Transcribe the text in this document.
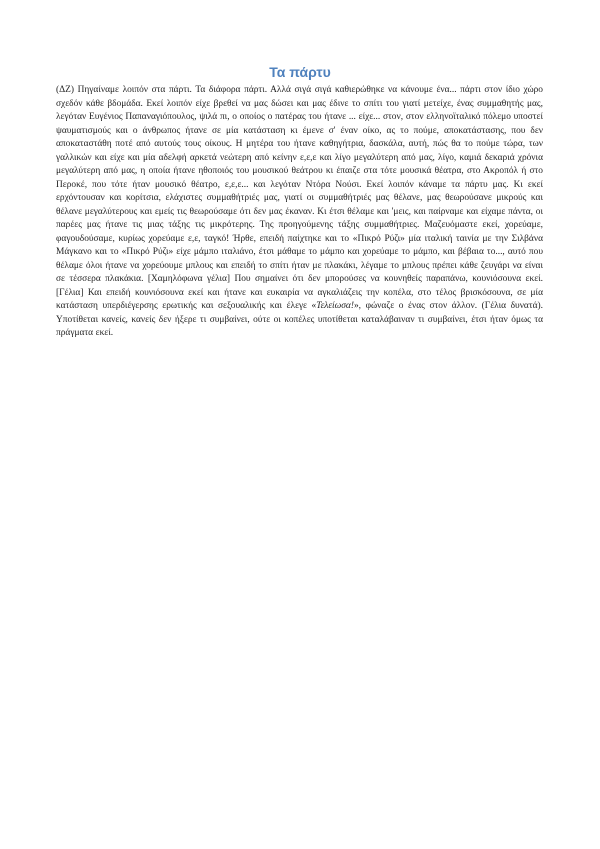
Τα πάρτυ

(ΔΖ) Πηγαίναμε λοιπόν στα πάρτι. Τα διάφορα πάρτι. Αλλά σιγά σιγά καθιερώθηκε να κάνουμε ένα... πάρτι στον ίδιο χώρο σχεδόν κάθε βδομάδα. Εκεί λοιπόν είχε βρεθεί να μας δώσει και μας έδινε το σπίτι του γιατί μετείχε, ένας συμμαθητής μας, λεγόταν Ευγένιος Παπαναγιόπουλος, ψιλά πι, ο οποίος ο πατέρας του ήτανε ... είχε... στον, στον ελληνοϊταλικό πόλεμο υποστεί ψαυματισμούς και ο άνθρωπος ήτανε σε μία κατάσταση κι έμενε σ' έναν οίκο, ας το πούμε, αποκατάστασης, που δεν αποκαταστάθη ποτέ από αυτούς τους οίκους. Η μητέρα του ήτανε καθηγήτρια, δασκάλα, αυτή, πώς θα το πούμε τώρα, των γαλλικών και είχε και μία αδελφή αρκετά νεώτερη από κείνην ε,ε,ε και λίγο μεγαλύτερη από μας, λίγο, καμιά δεκαριά χρόνια μεγαλύτερη από μας, η οποία ήτανε ηθοποιός του μουσικού θεάτρου κι έπαιζε στα τότε μουσικά θέατρα, στο Ακροπόλ ή στο Περοκέ, που τότε ήταν μουσικό θέατρο, ε,ε,ε... και λεγόταν Ντόρα Νούσι. Εκεί λοιπόν κάναμε τα πάρτυ μας. Κι εκεί ερχόντουσαν και κορίτσια, ελάχιστες συμμαθήτριές μας, γιατί οι συμμαθήτριές μας θέλανε, μας θεωρούσανε μικρούς και θέλανε μεγαλύτερους και εμείς τις θεωρούσαμε ότι δεν μας έκαναν. Κι έτσι θέλαμε και 'μεις, και παίρναμε και είχαμε πάντα, οι παρέες μας ήτανε τις μιας τάξης τις μικρότερης. Της προηγούμενης τάξης συμμαθήτριες. Μαζευόμαστε εκεί, χορεύαμε, φαγουδούσαμε, κυρίως χορεύαμε ε,ε, ταγκό! Ήρθε, επειδή παίχτηκε και το «Πικρό Ρύζι» μία ιταλική ταινία με την Σιλβάνα Μάγκανο και το «Πικρό Ρύζι» είχε μάμπο ιταλιάνο, έτσι μάθαμε το μάμπο και χορεύαμε το μάμπο, και βέβαια το..., αυτό που θέλαμε όλοι ήτανε να χορεύουμε μπλους και επειδή το σπίτι ήταν με πλακάκι, λέγαμε το μπλους πρέπει κάθε ζευγάρι να είναι σε τέσσερα πλακάκια. [Χαμηλόφωνα γέλια] Που σημαίνει ότι δεν μπορούσες να κουνηθείς παραπάνω, κουνιόσουνα εκεί. [Γέλια] Και επειδή κουνιόσουνα εκεί και ήτανε και ευκαιρία να αγκαλιάζεις την κοπέλα, στο τέλος βρισκόσουνα, σε μία κατάσταση υπερδιέγερσης ερωτικής και σεξουαλικής και έλεγε «Τελείωσα!», φώναζε ο ένας στον άλλον. (Γέλια δυνατά). Υποτίθεται κανείς, κανείς δεν ήξερε τι συμβαίνει, ούτε οι κοπέλες υποτίθεται καταλάβαιναν τι συμβαίνει, έτσι ήταν όμως τα πράγματα εκεί.
